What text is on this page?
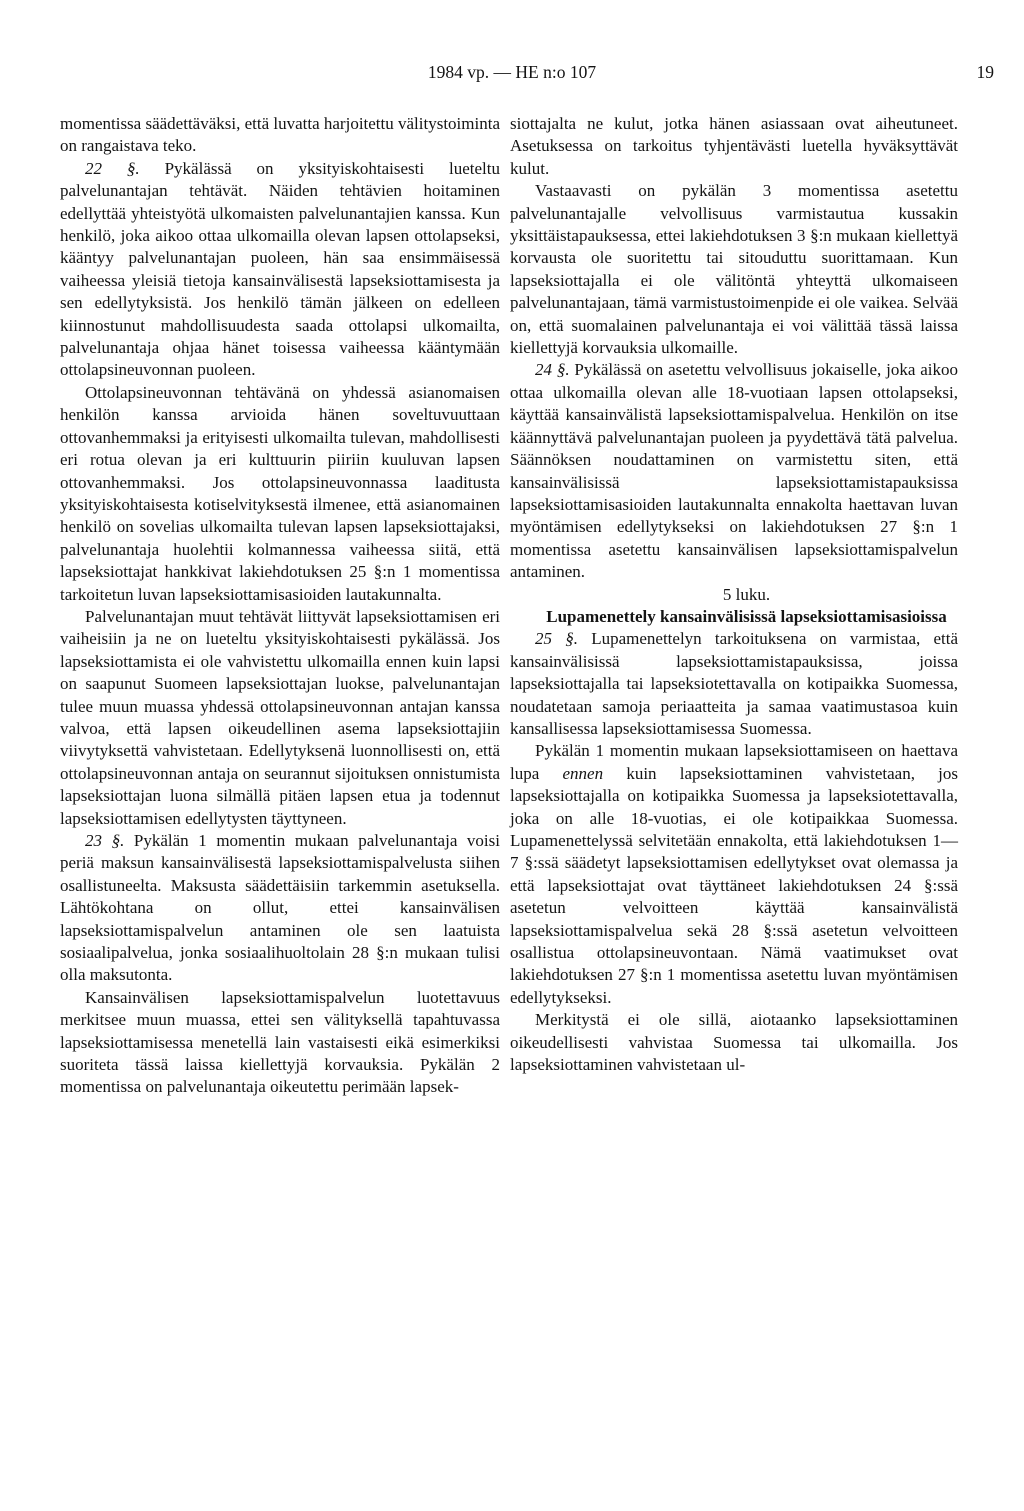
1984 vp. — HE n:o 107	19

momentissa säädettäväksi, että luvatta harjoitettu välitystoiminta on rangaistava teko.

22 §. Pykälässä on yksityiskohtaisesti lueteltu palvelunantajan tehtävät. Näiden tehtävien hoitaminen edellyttää yhteistyötä ulkomaisten palvelunantajien kanssa. Kun henkilö, joka aikoo ottaa ulkomailla olevan lapsen ottolapseksi, kääntyy palvelunantajan puoleen, hän saa ensimmäisessä vaiheessa yleisiä tietoja kansainvälisestä lapseksiottamisesta ja sen edellytyksistä. Jos henkilö tämän jälkeen on edelleen kiinnostunut mahdollisuudesta saada ottolapsi ulkomailta, palvelunantaja ohjaa hänet toisessa vaiheessa kääntymään ottolapsineuvonnan puoleen.

Ottolapsineuvonnan tehtävänä on yhdessä asianomaisen henkilön kanssa arvioida hänen soveltuvuuttaan ottovanhemmaksi ja erityisesti ulkomailta tulevan, mahdollisesti eri rotua olevan ja eri kulttuurin piiriin kuuluvan lapsen ottovanhemmaksi. Jos ottolapsineuvonnassa laaditusta yksityiskohtaisesta kotiselvityksestä ilmenee, että asianomainen henkilö on sovelias ulkomailta tulevan lapsen lapseksiottajaksi, palvelunantaja huolehtii kolmannessa vaiheessa siitä, että lapseksiottajat hankkivat lakiehdotuksen 25 §:n 1 momentissa tarkoitetun luvan lapseksiottamisasioiden lautakunnalta.

Palvelunantajan muut tehtävät liittyvät lapseksiottamisen eri vaiheisiin ja ne on lueteltu yksityiskohtaisesti pykälässä. Jos lapseksiottamista ei ole vahvistettu ulkomailla ennen kuin lapsi on saapunut Suomeen lapseksiottajan luokse, palvelunantajan tulee muun muassa yhdessä ottolapsineuvonnan antajan kanssa valvoa, että lapsen oikeudellinen asema lapseksiottajiin viivytyksettä vahvistetaan. Edellytyksenä luonnollisesti on, että ottolapsineuvonnan antaja on seurannut sijoituksen onnistumista lapseksiottajan luona silmällä pitäen lapsen etua ja todennut lapseksiottamisen edellytysten täyttyneen.

23 §. Pykälän 1 momentin mukaan palvelunantaja voisi periä maksun kansainvälisestä lapseksiottamispalvelusta siihen osallistuneelta. Maksusta säädettäisiin tarkemmin asetuksella. Lähtökohtana on ollut, ettei kansainvälisen lapseksiottamispalvelun antaminen ole sen laatuista sosiaalipalvelua, jonka sosiaalihuoltolain 28 §:n mukaan tulisi olla maksutonta.

Kansainvälisen lapseksiottamispalvelun luotettavuus merkitsee muun muassa, ettei sen välityksellä tapahtuvassa lapseksiottamisessa menetellä lain vastaisesti eikä esimerkiksi suoriteta tässä laissa kiellettyjä korvauksia. Pykälän 2 momentissa on palvelunantaja oikeutettu perimään lapsek-

siottajalta ne kulut, jotka hänen asiassaan ovat aiheutuneet. Asetuksessa on tarkoitus tyhjentävästi luetella hyväksyttävät kulut.

Vastaavasti on pykälän 3 momentissa asetettu palvelunantajalle velvollisuus varmistautua kussakin yksittäistapauksessa, ettei lakiehdotuksen 3 §:n mukaan kiellettyä korvausta ole suoritettu tai sitouduttu suorittamaan. Kun lapseksiottajalla ei ole välitöntä yhteyttä ulkomaiseen palvelunantajaan, tämä varmistustoimenpide ei ole vaikea. Selvää on, että suomalainen palvelunantaja ei voi välittää tässä laissa kiellettyjä korvauksia ulkomaille.

24 §. Pykälässä on asetettu velvollisuus jokaiselle, joka aikoo ottaa ulkomailla olevan alle 18-vuotiaan lapsen ottolapseksi, käyttää kansainvälistä lapseksiottamispalvelua. Henkilön on itse käännyttävä palvelunantajan puoleen ja pyydettävä tätä palvelua. Säännöksen noudattaminen on varmistettu siten, että kansainvälisissä lapseksiottamistapauksissa lapseksiottamisasioiden lautakunnalta ennakolta haettavan luvan myöntämisen edellytykseksi on lakiehdotuksen 27 §:n 1 momentissa asetettu kansainvälisen lapseksiottamispalvelun antaminen.

5 luku.

Lupamenettely kansainvälisissä lapseksiottamisasioissa

25 §. Lupamenettelyn tarkoituksena on varmistaa, että kansainvälisissä lapseksiottamistapauksissa, joissa lapseksiottajalla tai lapseksiotettavalla on kotipaikka Suomessa, noudatetaan samoja periaatteita ja samaa vaatimustasoa kuin kansallisessa lapseksiottamisessa Suomessa.

Pykälän 1 momentin mukaan lapseksiottamiseen on haettava lupa ennen kuin lapseksiottaminen vahvistetaan, jos lapseksiottajalla on kotipaikka Suomessa ja lapseksiotettavalla, joka on alle 18-vuotias, ei ole kotipaikkaa Suomessa. Lupamenettelyssä selvitetään ennakolta, että lakiehdotuksen 1—7 §:ssä säädetyt lapseksiottamisen edellytykset ovat olemassa ja että lapseksiottajat ovat täyttäneet lakiehdotuksen 24 §:ssä asetetun velvoitteen käyttää kansainvälistä lapseksiottamispalvelua sekä 28 §:ssä asetetun velvoitteen osallistua ottolapsineuvontaan. Nämä vaatimukset ovat lakiehdotuksen 27 §:n 1 momentissa asetettu luvan myöntämisen edellytykseksi.

Merkitystä ei ole sillä, aiotaanko lapseksiottaminen oikeudellisesti vahvistaa Suomessa tai ulkomailla. Jos lapseksiottaminen vahvistetaan ul-
